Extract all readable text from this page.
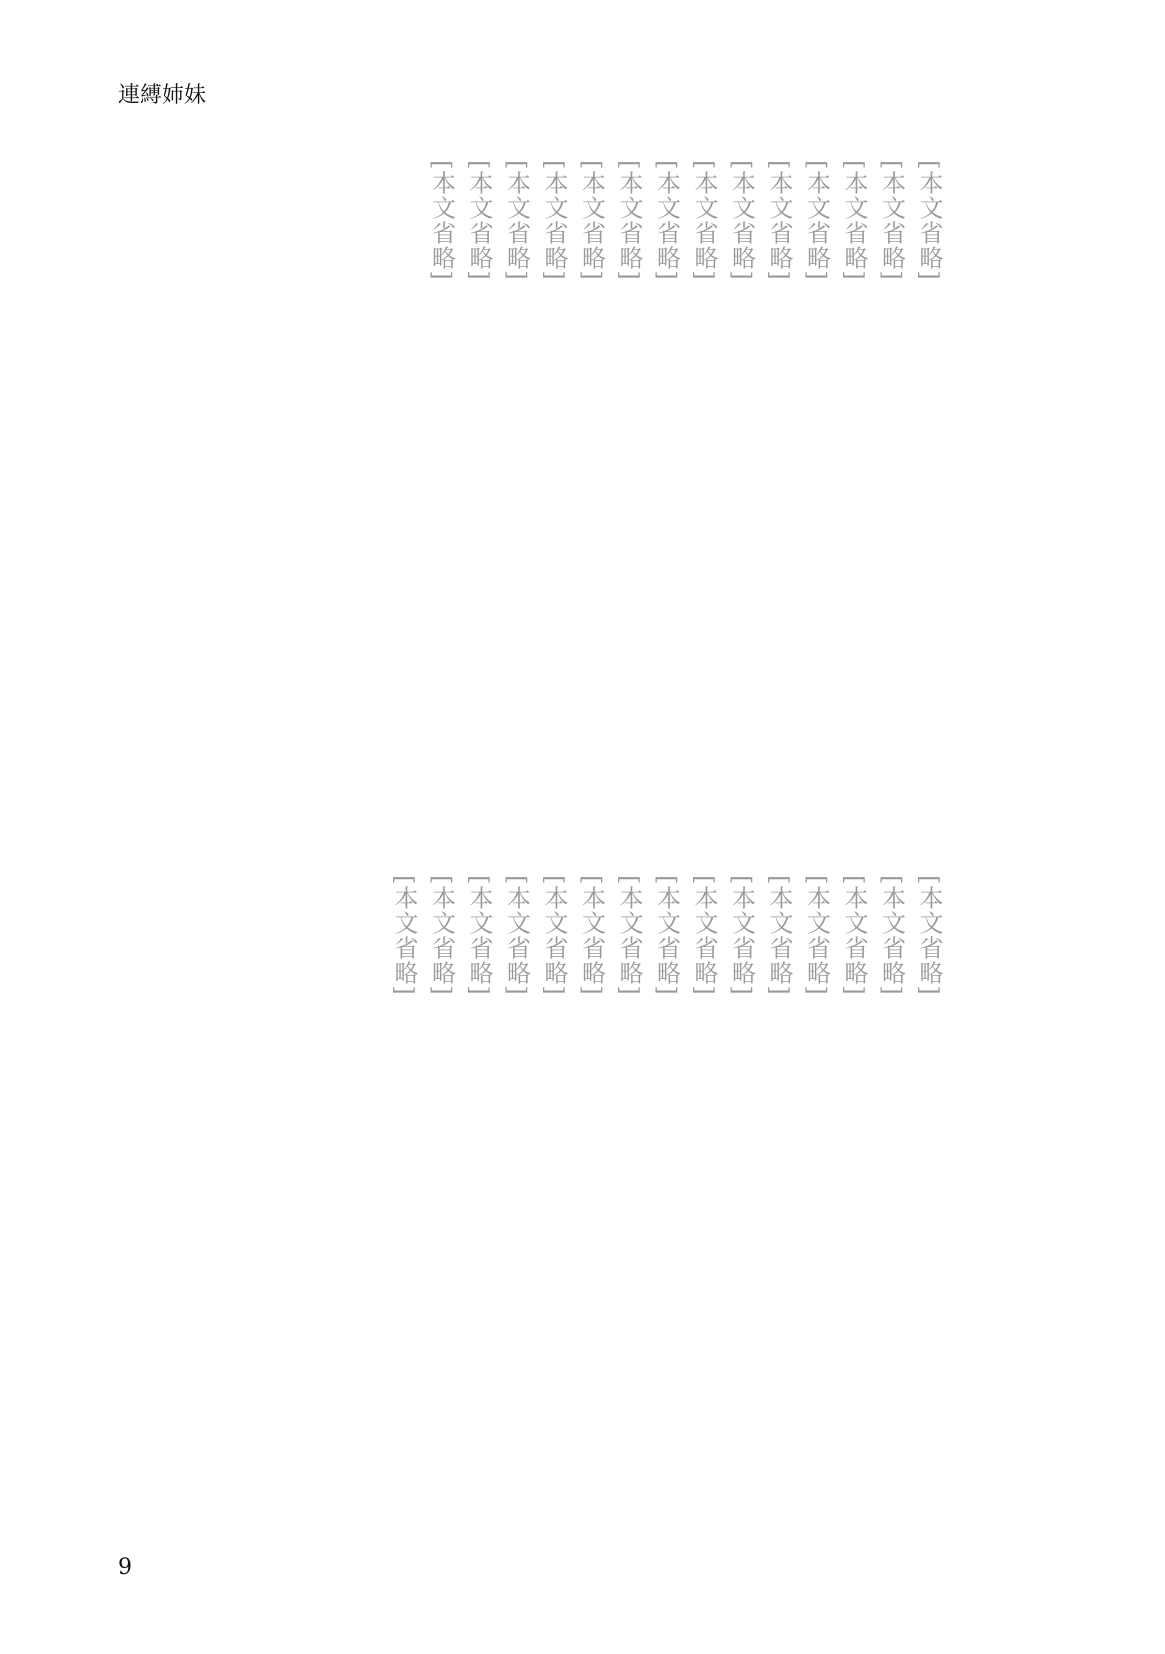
連縛姉妹
[本文省略]
[本文省略]
[本文省略]
[本文省略]
[本文省略]
[本文省略]
[本文省略]
[本文省略]
[本文省略]
[本文省略]
[本文省略]
[本文省略]
[本文省略]
[本文省略]
[本文省略]
[本文省略]
[本文省略]
[本文省略]
[本文省略]
[本文省略]
[本文省略]
[本文省略]
[本文省略]
[本文省略]
[本文省略]
[本文省略]
[本文省略]
[本文省略]
[本文省略]
9
